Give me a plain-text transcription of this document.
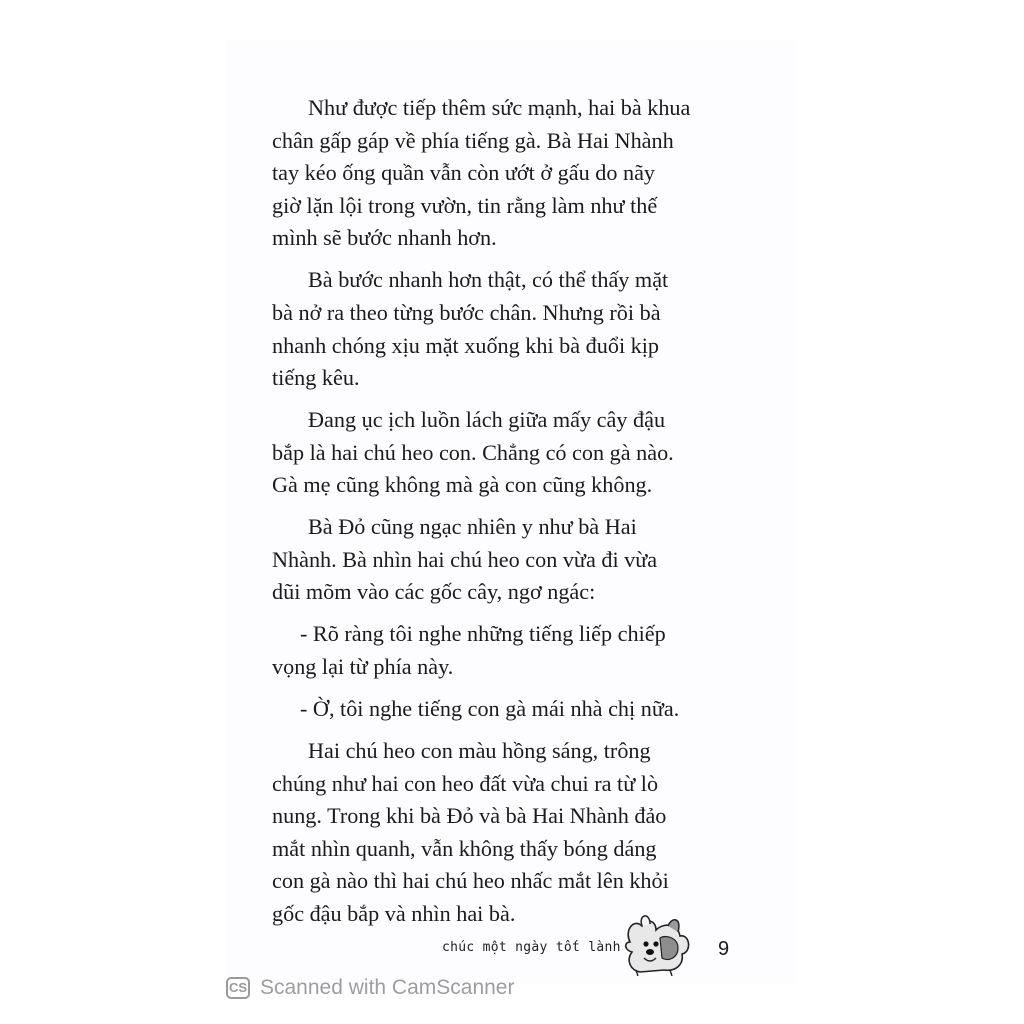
Như được tiếp thêm sức mạnh, hai bà khua
chân gấp gáp về phía tiếng gà. Bà Hai Nhành
tay kéo ống quần vẫn còn ướt ở gấu do nãy
giờ lặn lội trong vườn, tin rằng làm như thế
mình sẽ bước nhanh hơn.

Bà bước nhanh hơn thật, có thể thấy mặt
bà nở ra theo từng bước chân. Nhưng rồi bà
nhanh chóng xịu mặt xuống khi bà đuổi kịp
tiếng kêu.

Đang ục ịch luồn lách giữa mấy cây đậu
bắp là hai chú heo con. Chẳng có con gà nào.
Gà mẹ cũng không mà gà con cũng không.

Bà Đỏ cũng ngạc nhiên y như bà Hai
Nhành. Bà nhìn hai chú heo con vừa đi vừa
dũi mõm vào các gốc cây, ngơ ngác:

- Rõ ràng tôi nghe những tiếng liếp chiếp
vọng lại từ phía này.

- Ờ, tôi nghe tiếng con gà mái nhà chị nữa.

Hai chú heo con màu hồng sáng, trông
chúng như hai con heo đất vừa chui ra từ lò
nung. Trong khi bà Đỏ và bà Hai Nhành đảo
mắt nhìn quanh, vẫn không thấy bóng dáng
con gà nào thì hai chú heo nhấc mắt lên khỏi
gốc đậu bắp và nhìn hai bà.

chúc một ngày tốt lành	9
CS Scanned with CamScanner
